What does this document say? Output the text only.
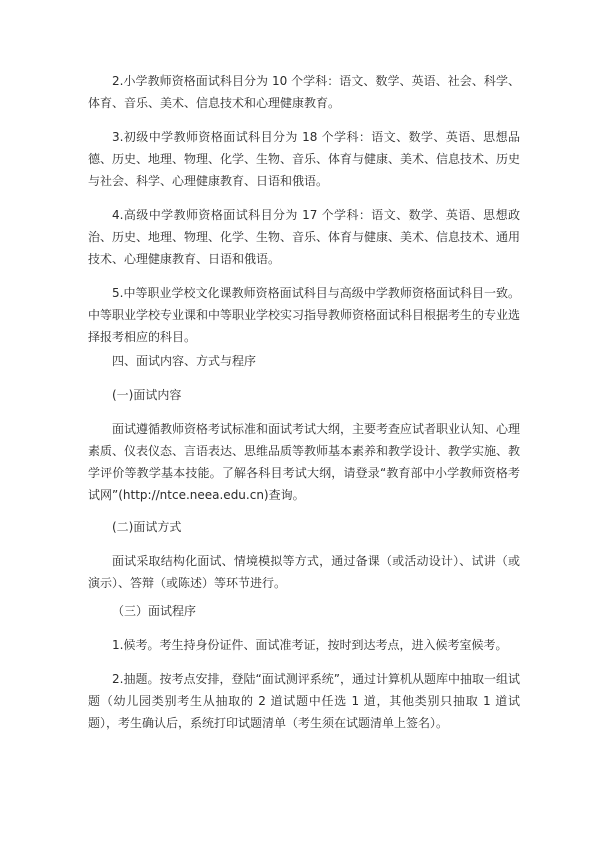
2.小学教师资格面试科目分为 10 个学科：语文、数学、英语、社会、科学、体育、音乐、美术、信息技术和心理健康教育。

3.初级中学教师资格面试科目分为 18 个学科：语文、数学、英语、思想品德、历史、地理、物理、化学、生物、音乐、体育与健康、美术、信息技术、历史与社会、科学、心理健康教育、日语和俄语。

4.高级中学教师资格面试科目分为 17 个学科：语文、数学、英语、思想政治、历史、地理、物理、化学、生物、音乐、体育与健康、美术、信息技术、通用技术、心理健康教育、日语和俄语。

5.中等职业学校文化课教师资格面试科目与高级中学教师资格面试科目一致。中等职业学校专业课和中等职业学校实习指导教师资格面试科目根据考生的专业选择报考相应的科目。

四、面试内容、方式与程序

(一)面试内容

面试遵循教师资格考试标准和面试考试大纲，主要考查应试者职业认知、心理素质、仪表仪态、言语表达、思维品质等教师基本素养和教学设计、教学实施、教学评价等教学基本技能。了解各科目考试大纲，请登录“教育部中小学教师资格考试网”(http://ntce.neea.edu.cn)查询。

(二)面试方式

面试采取结构化面试、情境模拟等方式，通过备课（或活动设计）、试讲（或演示）、答辩（或陈述）等环节进行。

（三）面试程序

1.候考。考生持身份证件、面试准考证，按时到达考点，进入候考室候考。

2.抽题。按考点安排，登陆“面试测评系统”，通过计算机从题库中抽取一组试题（幼儿园类别考生从抽取的 2 道试题中任选 1 道，其他类别只抽取 1 道试题），考生确认后，系统打印试题清单（考生须在试题清单上签名）。
